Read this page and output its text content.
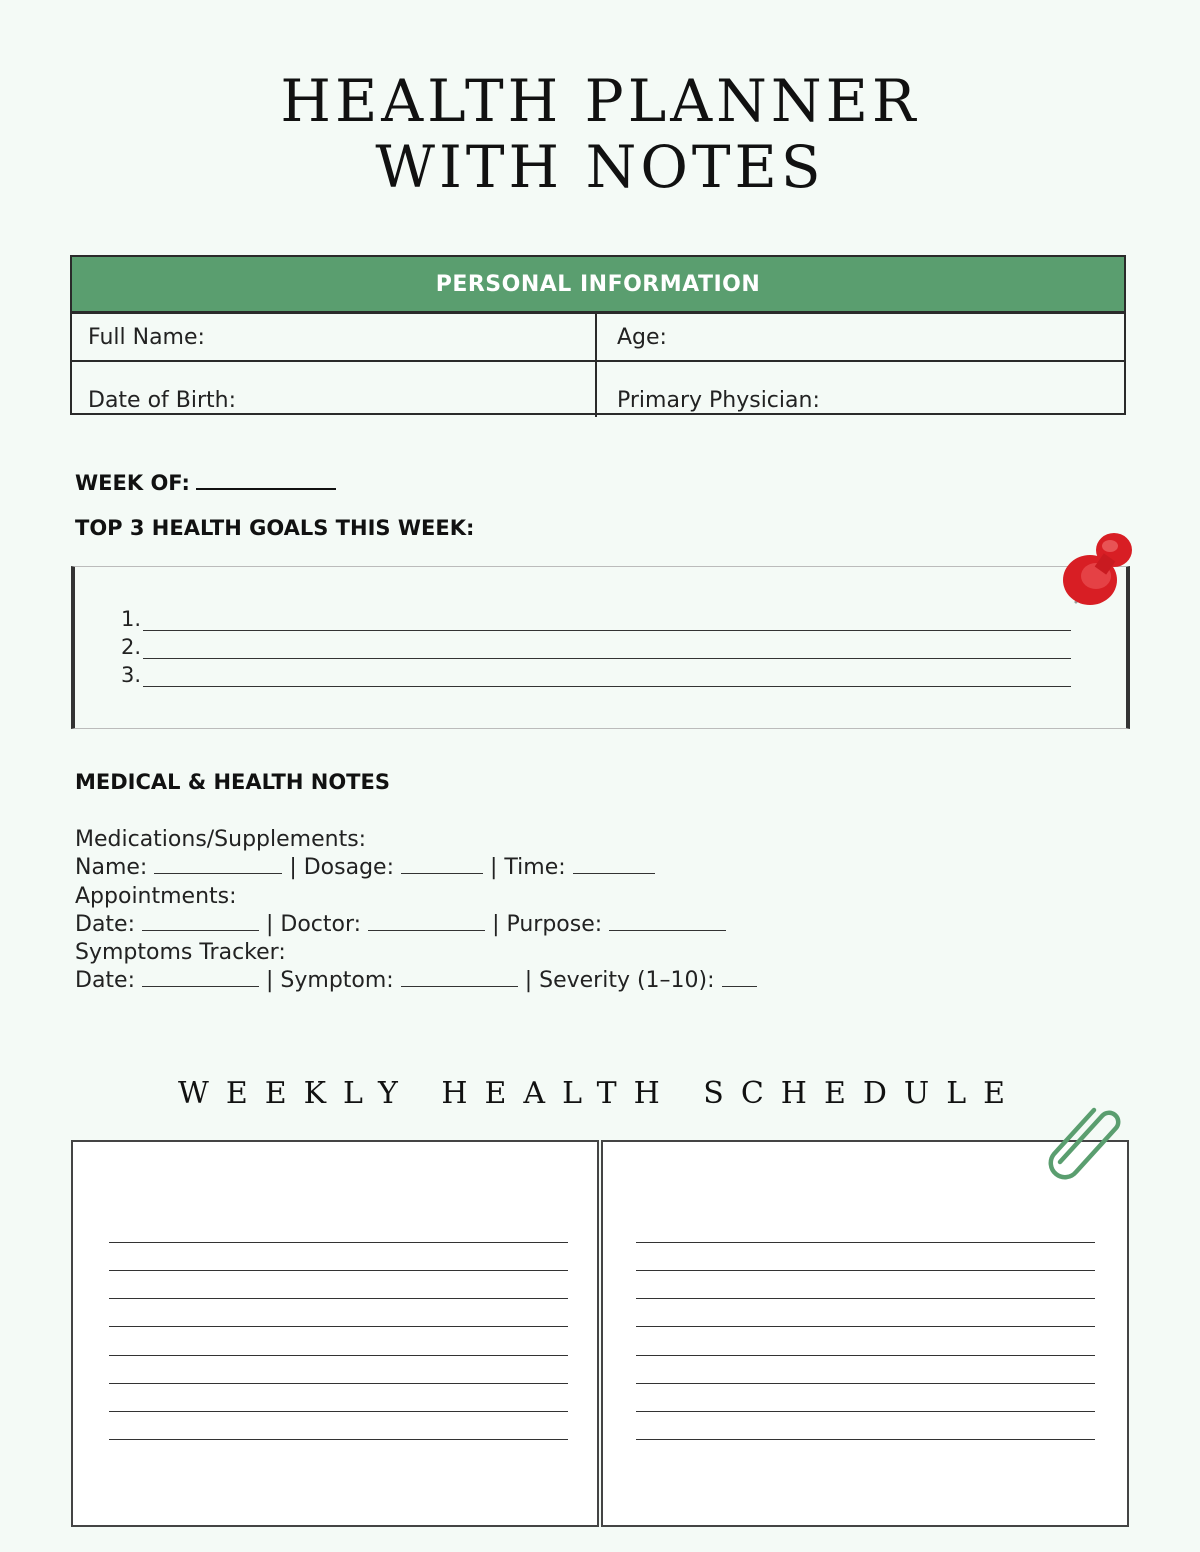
HEALTH PLANNER
WITH NOTES
PERSONAL INFORMATION
Full Name:	Age:
Date of Birth:	Primary Physician:
WEEK OF:
TOP 3 HEALTH GOALS THIS WEEK:
1.
2.
3.
MEDICAL & HEALTH NOTES
Medications/Supplements:
Name:	| Dosage:	| Time:
Appointments:
Date:	| Doctor:	| Purpose:
Symptoms Tracker:
Date:	| Symptom:	| Severity (1–10):
WEEKLY HEALTH SCHEDULE
